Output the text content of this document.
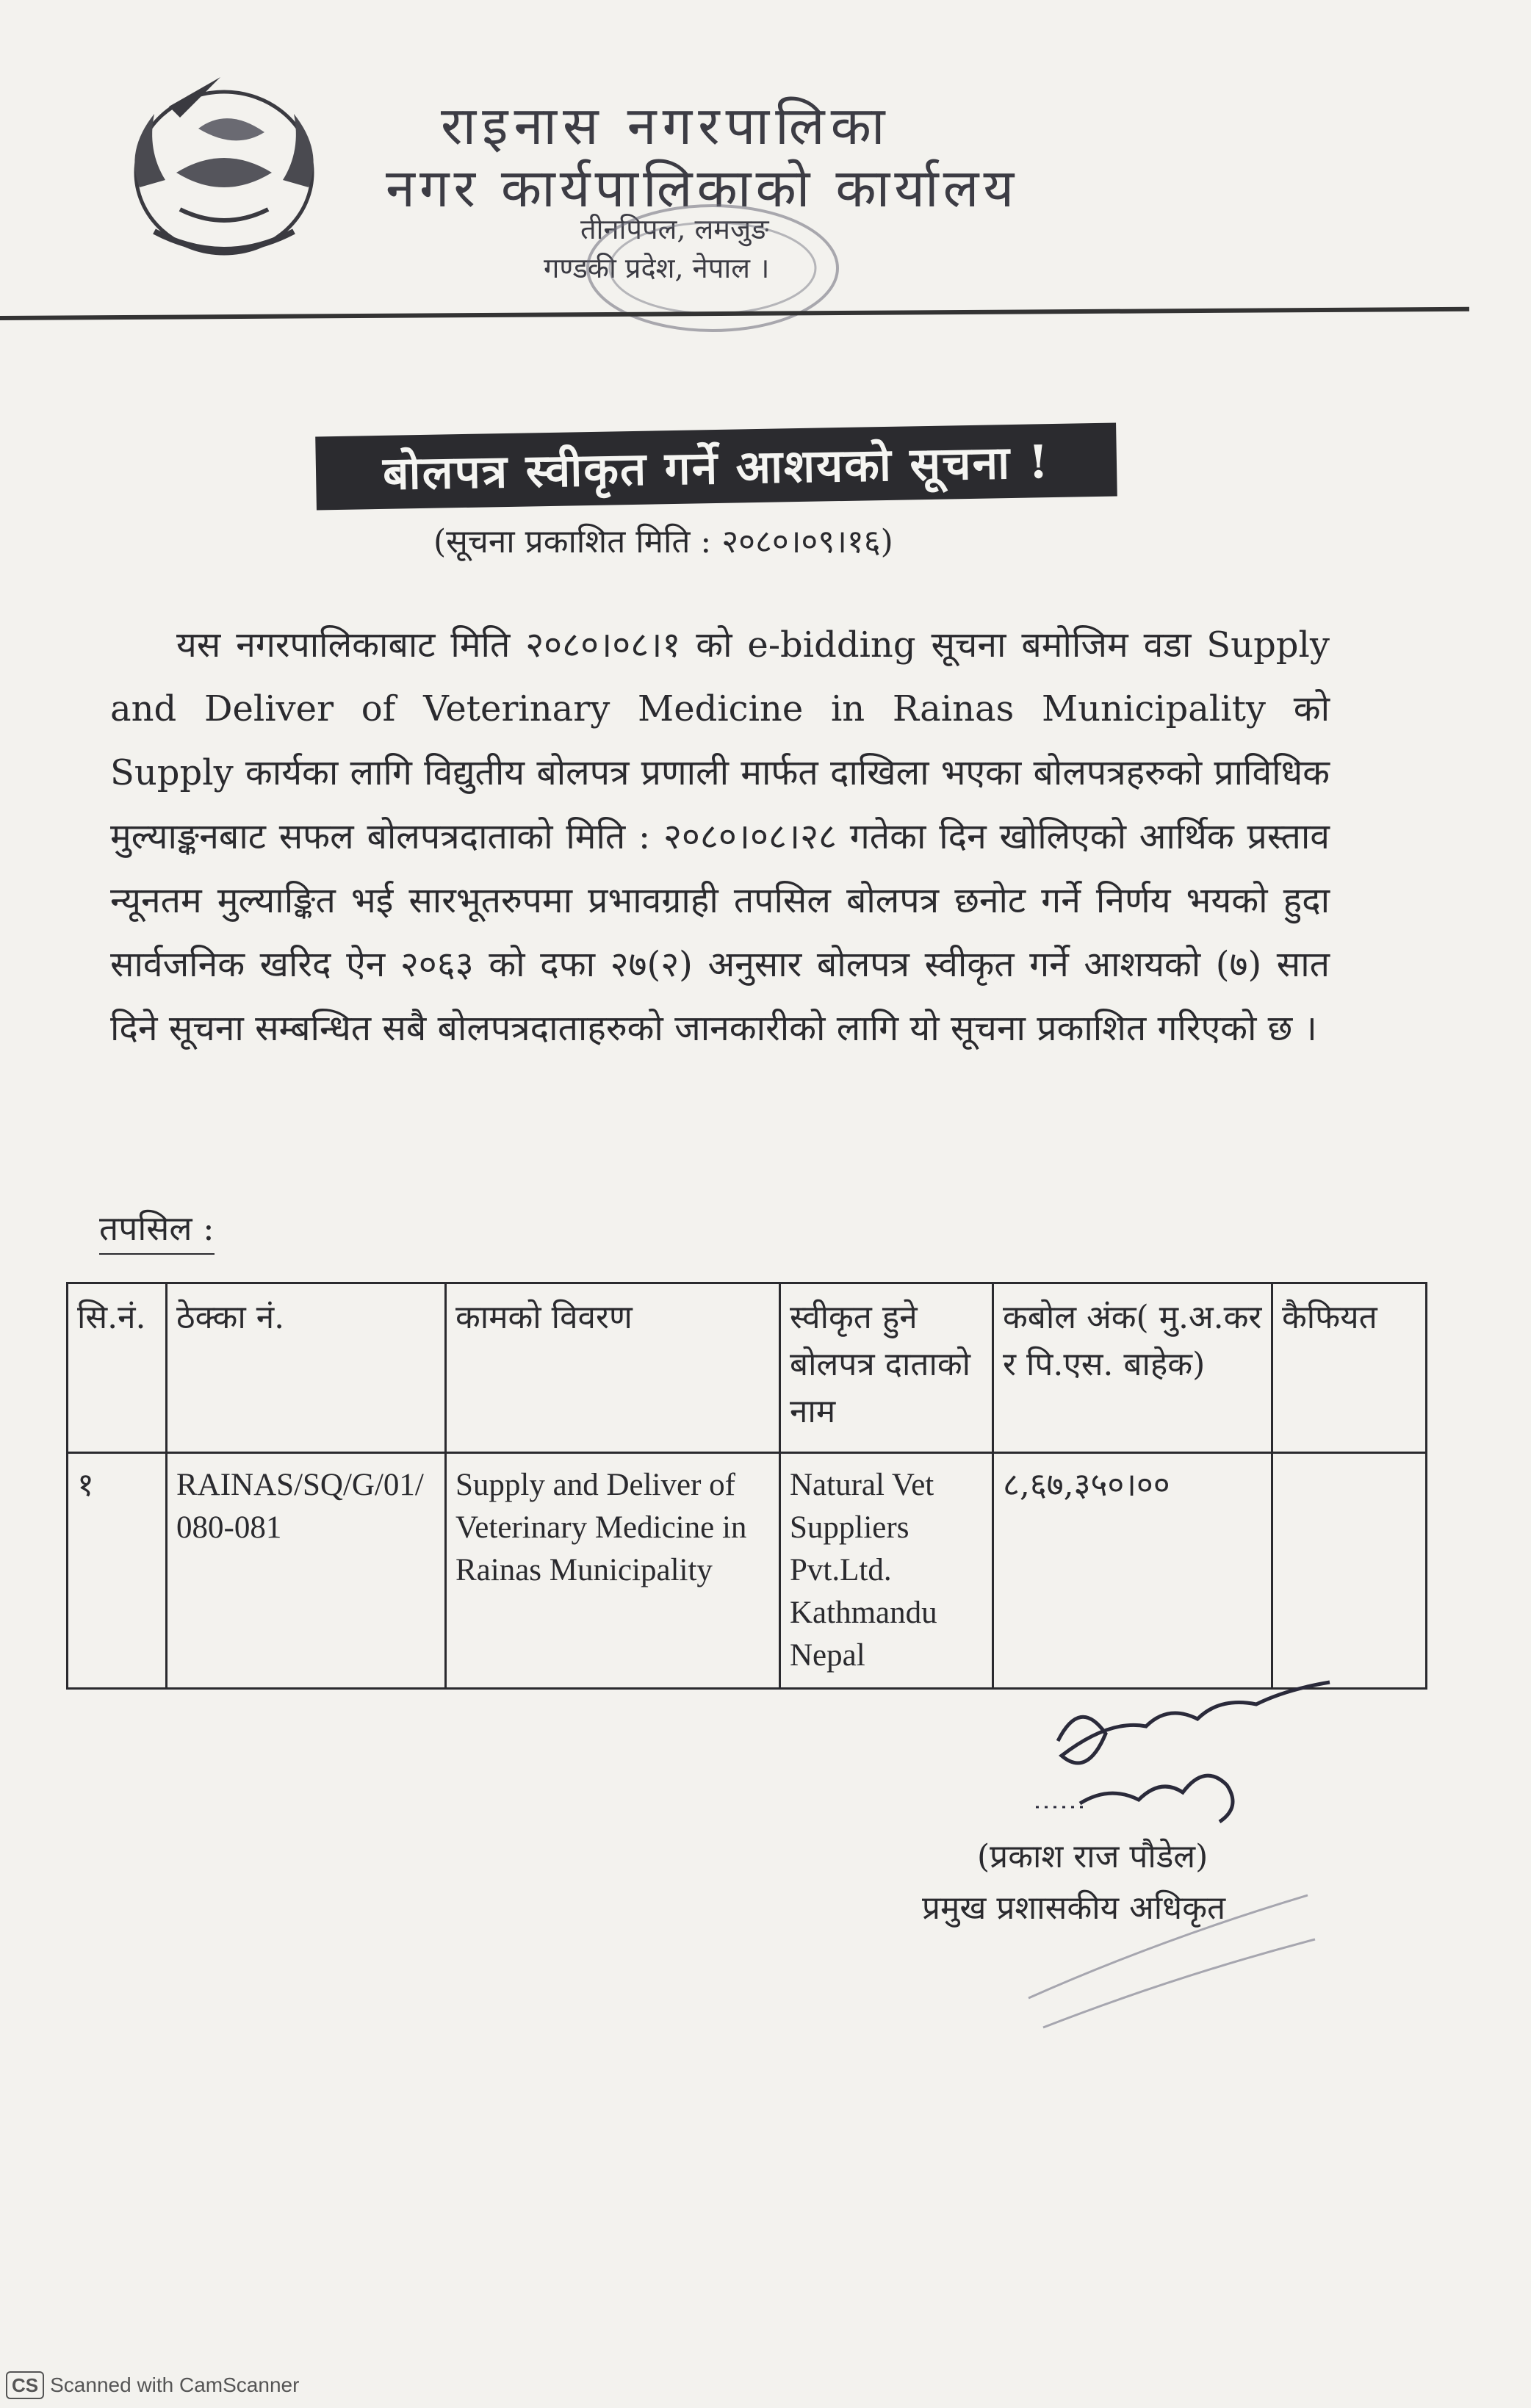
राइनास नगरपालिका
नगर कार्यपालिकाको कार्यालय
तीनपिपल, लमजुङ
गण्डकी प्रदेश, नेपाल ।
बोलपत्र स्वीकृत गर्ने आशयको सूचना !
(सूचना प्रकाशित मिति : २०८०।०९।१६)
यस नगरपालिकाबाट मिति २०८०।०८।१ को e-bidding सूचना बमोजिम वडा Supply and Deliver of Veterinary Medicine in Rainas Municipality को Supply कार्यका लागि विद्युतीय बोलपत्र प्रणाली मार्फत दाखिला भएका बोलपत्रहरुको प्राविधिक मुल्याङ्कनबाट सफल बोलपत्रदाताको मिति : २०८०।०८।२८ गतेका दिन खोलिएको आर्थिक प्रस्ताव न्यूनतम मुल्याङ्कित भई सारभूतरुपमा प्रभावग्राही तपसिल बोलपत्र छनोट गर्ने निर्णय भयको हुदा सार्वजनिक खरिद ऐन २०६३ को दफा २७(२) अनुसार बोलपत्र स्वीकृत गर्ने आशयको (७) सात दिने सूचना सम्बन्धित सबै बोलपत्रदाताहरुको जानकारीको लागि यो सूचना प्रकाशित गरिएको छ ।
तपसिल :
सि.नं.	ठेक्का नं.	कामको विवरण	स्वीकृत हुने बोलपत्र दाताको नाम	कबोल अंक( मु.अ.कर र पि.एस. बाहेक)	कैफियत
१	RAINAS/SQ/G/01/080-081	Supply and Deliver of Veterinary Medicine in Rainas Municipality	Natural Vet Suppliers Pvt.Ltd. Kathmandu Nepal	८,६७,३५०।००	
(प्रकाश राज पौडेल)
प्रमुख प्रशासकीय अधिकृत
CS Scanned with CamScanner
